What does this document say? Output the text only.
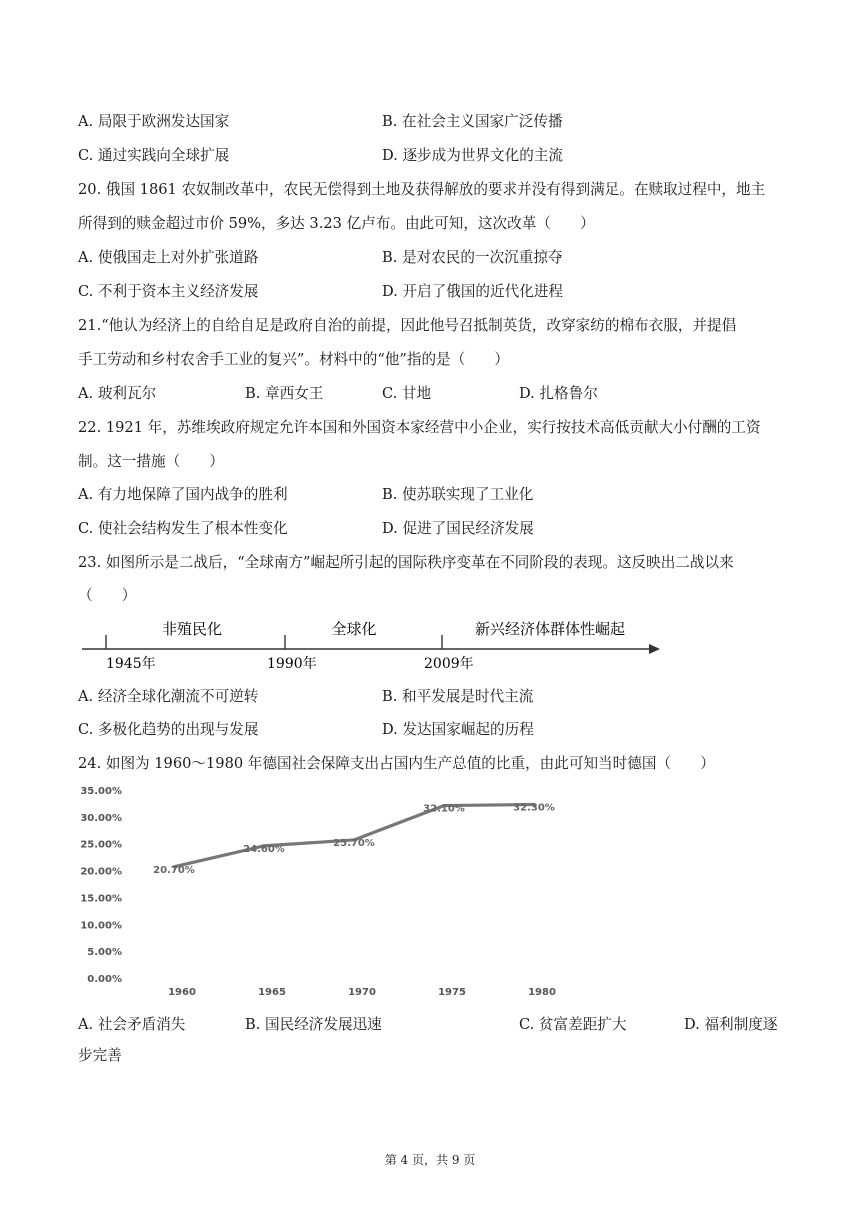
A. 局限于欧洲发达国家	B. 在社会主义国家广泛传播
C. 通过实践向全球扩展	D. 逐步成为世界文化的主流
20. 俄国 1861 农奴制改革中，农民无偿得到土地及获得解放的要求并没有得到满足。在赎取过程中，地主
所得到的赎金超过市价 59%，多达 3.23 亿卢布。由此可知，这次改革（　　）
A. 使俄国走上对外扩张道路	B. 是对农民的一次沉重掠夺
C. 不利于资本主义经济发展	D. 开启了俄国的近代化进程
21.“他认为经济上的自给自足是政府自治的前提，因此他号召抵制英货，改穿家纺的棉布衣服，并提倡
手工劳动和乡村农舍手工业的复兴”。材料中的“他”指的是（　　）
A. 玻利瓦尔	B. 章西女王	C. 甘地	D. 扎格鲁尔
22. 1921 年，苏维埃政府规定允许本国和外国资本家经营中小企业，实行按技术高低贡献大小付酬的工资
制。这一措施（　　）
A. 有力地保障了国内战争的胜利	B. 使苏联实现了工业化
C. 使社会结构发生了根本性变化	D. 促进了国民经济发展
23. 如图所示是二战后，“全球南方”崛起所引起的国际秩序变革在不同阶段的表现。这反映出二战以来
（　　）
非殖民化	全球化	新兴经济体群体性崛起
1945年	1990年	2009年
A. 经济全球化潮流不可逆转	B. 和平发展是时代主流
C. 多极化趋势的出现与发展	D. 发达国家崛起的历程
24. 如图为 1960～1980 年德国社会保障支出占国内生产总值的比重，由此可知当时德国（　　）
0.00%
5.00%
10.00%
15.00%
20.00%
25.00%
30.00%
35.00%
1960	1965	1970	1975	1980
20.70%
24.60%
25.70%
32.10%	32.30%
A. 社会矛盾消失	B. 国民经济发展迅速	C. 贫富差距扩大	D. 福利制度逐
步完善
第 4 页，共 9 页
